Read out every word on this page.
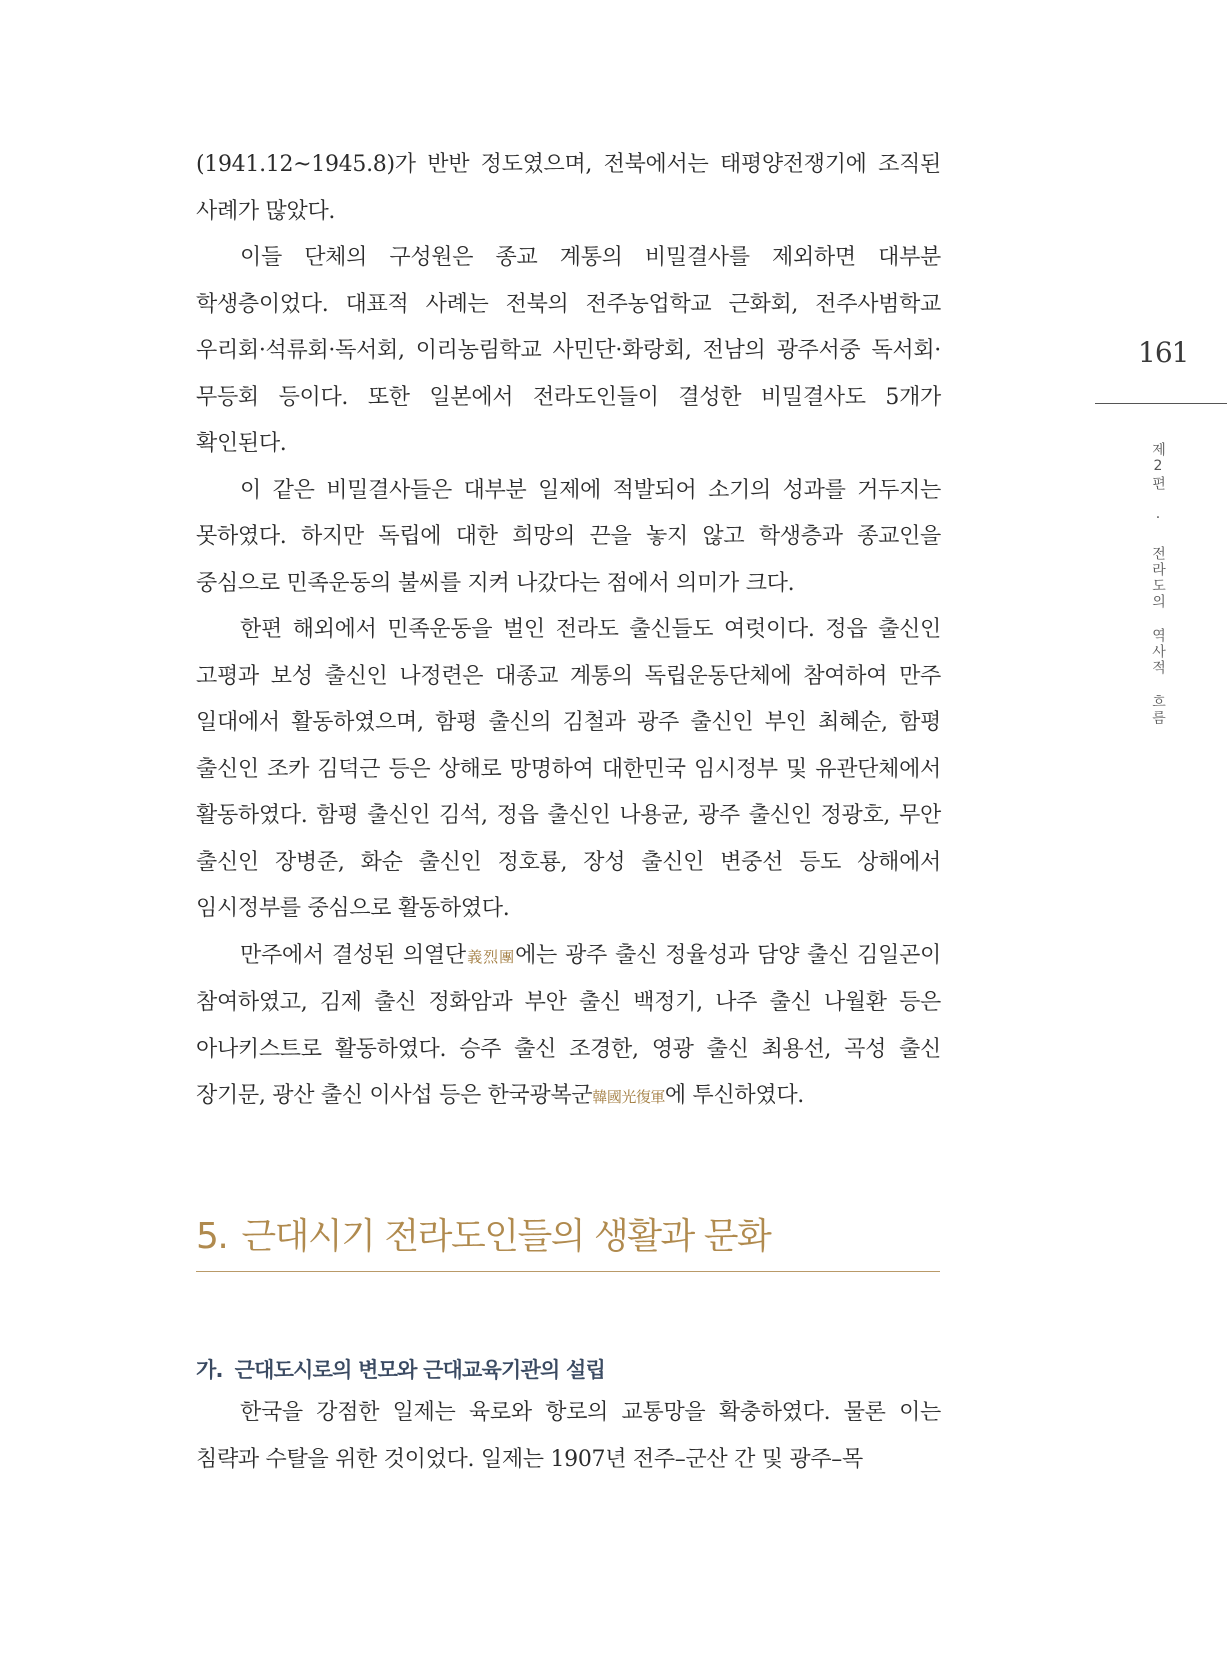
(1941.12~1945.8)가 반반 정도였으며, 전북에서는 태평양전쟁기에 조직된 사례가 많았다.

이들 단체의 구성원은 종교 계통의 비밀결사를 제외하면 대부분 학생층이었다. 대표적 사례는 전북의 전주농업학교 근화회, 전주사범학교 우리회·석류회·독서회, 이리농림학교 사민단·화랑회, 전남의 광주서중 독서회·무등회 등이다. 또한 일본에서 전라도인들이 결성한 비밀결사도 5개가 확인된다.

이 같은 비밀결사들은 대부분 일제에 적발되어 소기의 성과를 거두지는 못하였다. 하지만 독립에 대한 희망의 끈을 놓지 않고 학생층과 종교인을 중심으로 민족운동의 불씨를 지켜 나갔다는 점에서 의미가 크다.

한편 해외에서 민족운동을 벌인 전라도 출신들도 여럿이다. 정읍 출신인 고평과 보성 출신인 나정련은 대종교 계통의 독립운동단체에 참여하여 만주 일대에서 활동하였으며, 함평 출신의 김철과 광주 출신인 부인 최혜순, 함평 출신인 조카 김덕근 등은 상해로 망명하여 대한민국 임시정부 및 유관단체에서 활동하였다. 함평 출신인 김석, 정읍 출신인 나용균, 광주 출신인 정광호, 무안 출신인 장병준, 화순 출신인 정호룡, 장성 출신인 변중선 등도 상해에서 임시정부를 중심으로 활동하였다.

만주에서 결성된 의열단義烈團에는 광주 출신 정율성과 담양 출신 김일곤이 참여하였고, 김제 출신 정화암과 부안 출신 백정기, 나주 출신 나월환 등은 아나키스트로 활동하였다. 승주 출신 조경한, 영광 출신 최용선, 곡성 출신 장기문, 광산 출신 이사섭 등은 한국광복군韓國光復軍에 투신하였다.

5. 근대시기 전라도인들의 생활과 문화
가. 근대도시로의 변모와 근대교육기관의 설립

한국을 강점한 일제는 육로와 항로의 교통망을 확충하였다. 물론 이는 침략과 수탈을 위한 것이었다. 일제는 1907년 전주–군산 간 및 광주–목

161
제2편 · 전라도의 역사적 흐름
